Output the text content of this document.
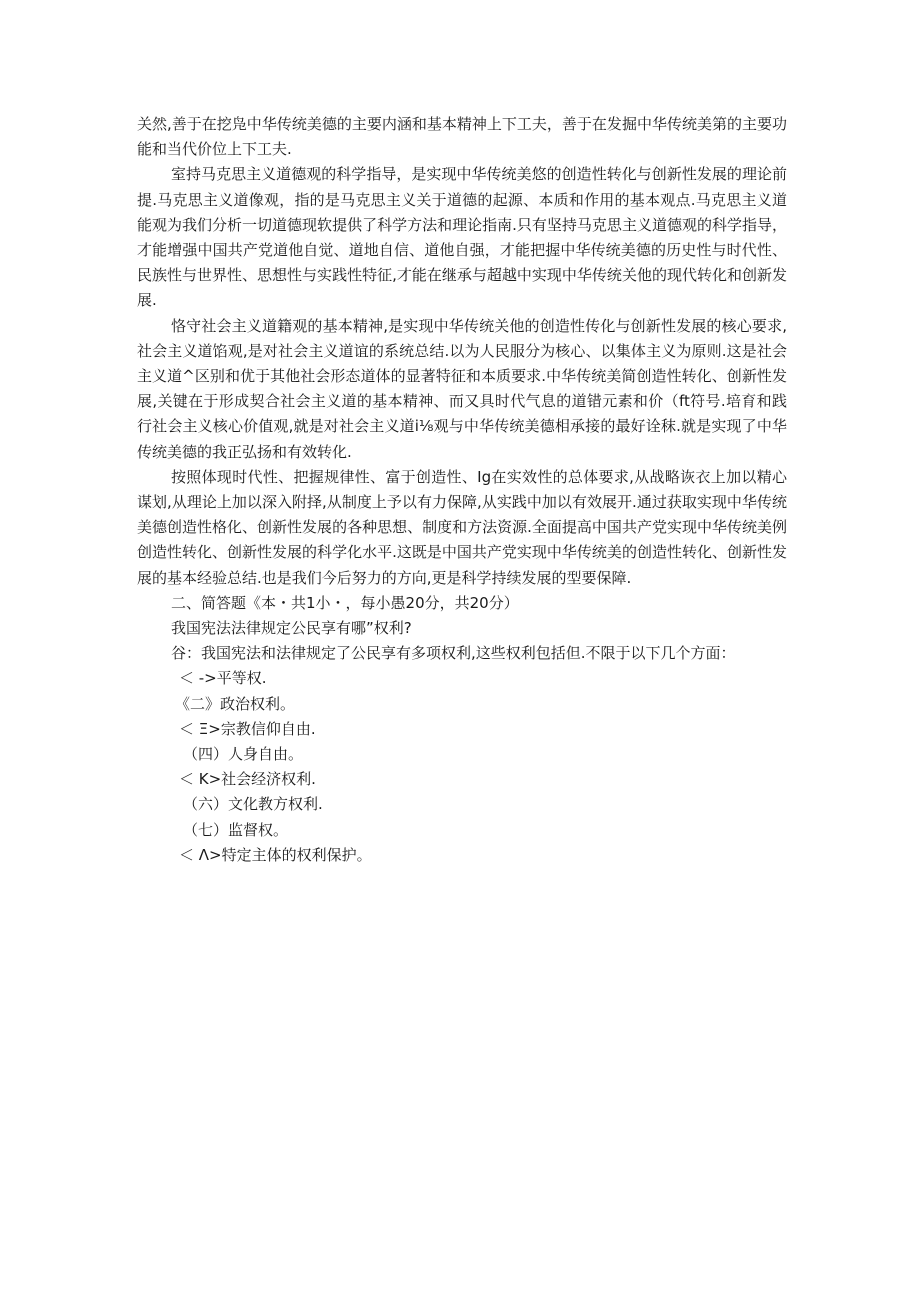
关然,善于在挖凫中华传统美德的主要内涵和基本精神上下工夫，善于在发掘中华传统美第的主要功能和当代价位上下工夫.

室持马克思主义道德观的科学指导，是实现中华传统美悠的创造性转化与创新性发展的理论前提.马克思主义道像观，指的是马克思主义关于道德的起源、本质和作用的基本观点.马克思主义道能观为我们分析一切道德现软提供了科学方法和理论指南.只有坚持马克思主义道德观的科学指导，才能增强中国共产党道他自觉、道地自信、道他自强，才能把握中华传统美德的历史性与时代性、民族性与世界性、思想性与实践性特征,才能在继承与超越中实现中华传统关他的现代转化和创新发展.

恪守社会主义道籍观的基本精神,是实现中华传统关他的创造性传化与创新性发展的核心要求,社会主义道馅观,是对社会主义道谊的系统总结.以为人民服分为核心、以集体主义为原则.这是社会主义道^区别和优于其他社会形态道体的显著特征和本质要求.中华传统美简创造性转化、创新性发展,关键在于形成契合社会主义道的基本精神、而又具时代气息的道错元素和价（ft符号.培育和践行社会主义核心价值观,就是对社会主义道i⅛观与中华传统美德相承接的最好诠秣.就是实现了中华传统美德的我正弘扬和有效转化.

按照体现时代性、把握规律性、富于创造性、Ig在实效性的总体要求,从战略诙衣上加以精心谋划,从理论上加以深入附择,从制度上予以有力保障,从实践中加以有效展开.通过获取实现中华传统美德创造性格化、创新性发展的各种思想、制度和方法资源.全面提高中国共产党实现中华传统美例创造性转化、创新性发展的科学化水平.这既是中国共产党实现中华传统美的创造性转化、创新性发展的基本经验总结.也是我们今后努力的方向,更是科学持续发展的型要保障.

二、简答题《本・共1小・，每小愚20分，共20分）

我国宪法法律规定公民享有哪”权利?

谷：我国宪法和法律规定了公民享有多项权利,这些权利包括但.不限于以下几个方面：

＜ ->平等权.
《二》政治权利。
＜ Ξ>宗教信仰自由.
（四）人身自由。
＜ K>社会经济权利.
（六）文化教方权利.
（七）监督权。
＜ Λ>特定主体的权利保护。
